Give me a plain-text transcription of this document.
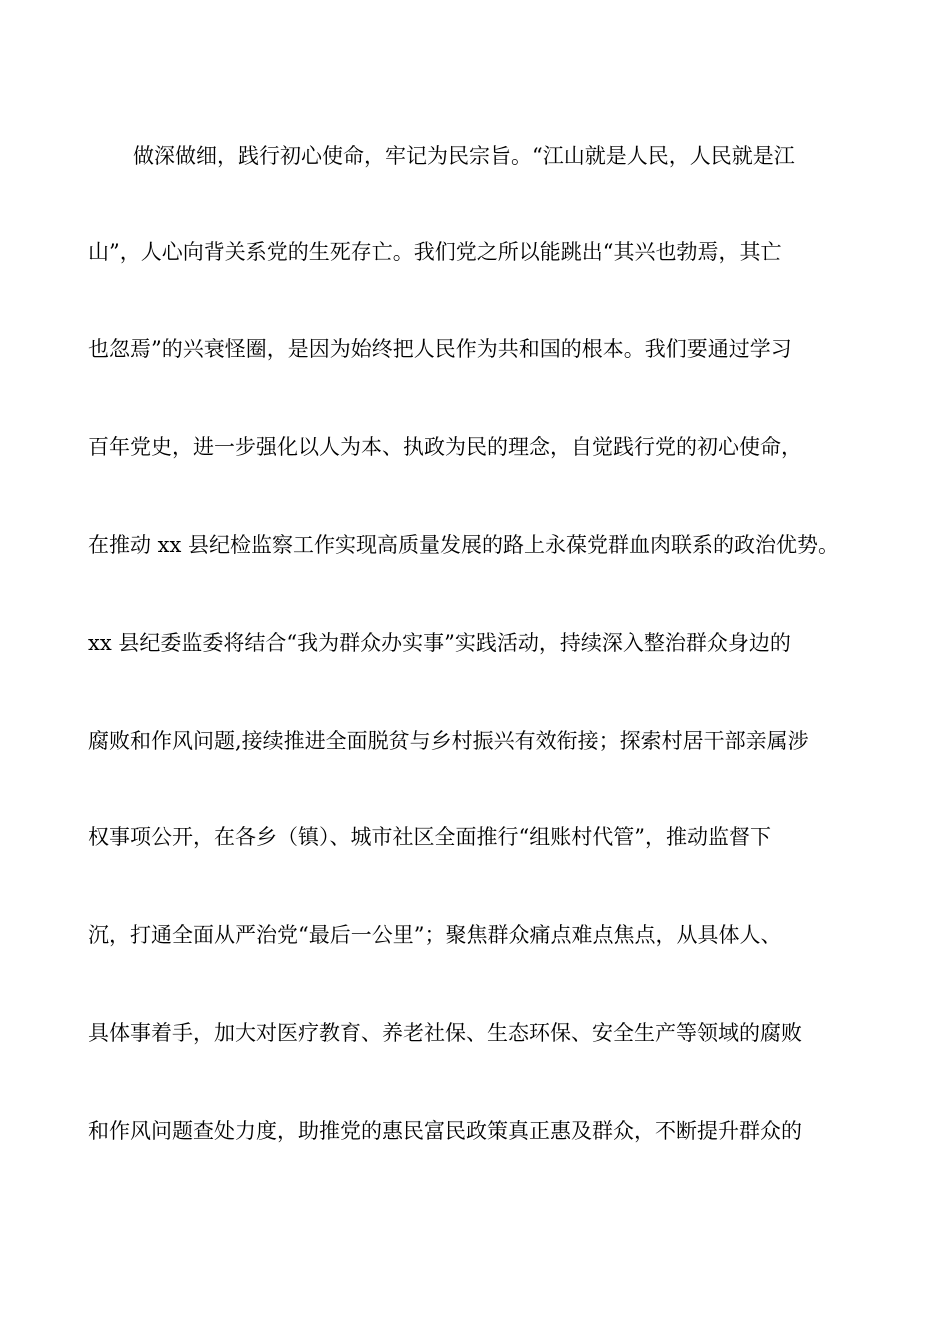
做深做细，践行初心使命，牢记为民宗旨。“江山就是人民，人民就是江
山”，人心向背关系党的生死存亡。我们党之所以能跳出“其兴也勃焉，其亡
也忽焉”的兴衰怪圈，是因为始终把人民作为共和国的根本。我们要通过学习
百年党史，进一步强化以人为本、执政为民的理念，自觉践行党的初心使命，
在推动 xx 县纪检监察工作实现高质量发展的路上永葆党群血肉联系的政治优势。
xx 县纪委监委将结合“我为群众办实事”实践活动，持续深入整治群众身边的
腐败和作风问题,接续推进全面脱贫与乡村振兴有效衔接；探索村居干部亲属涉
权事项公开，在各乡（镇）、城市社区全面推行“组账村代管”，推动监督下
沉，打通全面从严治党“最后一公里”；聚焦群众痛点难点焦点，从具体人、
具体事着手，加大对医疗教育、养老社保、生态环保、安全生产等领域的腐败
和作风问题查处力度，助推党的惠民富民政策真正惠及群众，不断提升群众的
